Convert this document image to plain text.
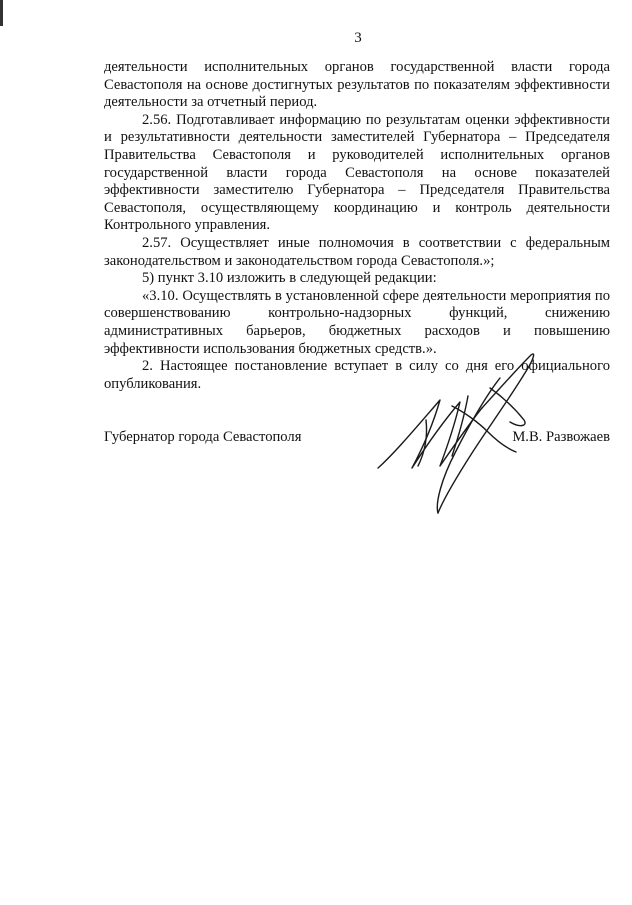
3

деятельности исполнительных органов государственной власти города Севастополя на основе достигнутых результатов по показателям эффективности деятельности за отчетный период.

2.56. Подготавливает информацию по результатам оценки эффективности и результативности деятельности заместителей Губернатора – Председателя Правительства Севастополя и руководителей исполнительных органов государственной власти города Севастополя на основе показателей эффективности заместителю Губернатора – Председателя Правительства Севастополя, осуществляющему координацию и контроль деятельности Контрольного управления.

2.57. Осуществляет иные полномочия в соответствии с федеральным законодательством и законодательством города Севастополя.»;

5) пункт 3.10 изложить в следующей редакции:

«3.10. Осуществлять в установленной сфере деятельности мероприятия по совершенствованию контрольно-надзорных функций, снижению административных барьеров, бюджетных расходов и повышению эффективности использования бюджетных средств.».

2. Настоящее постановление вступает в силу со дня его официального опубликования.

Губернатор города Севастополя	М.В. Развожаев
